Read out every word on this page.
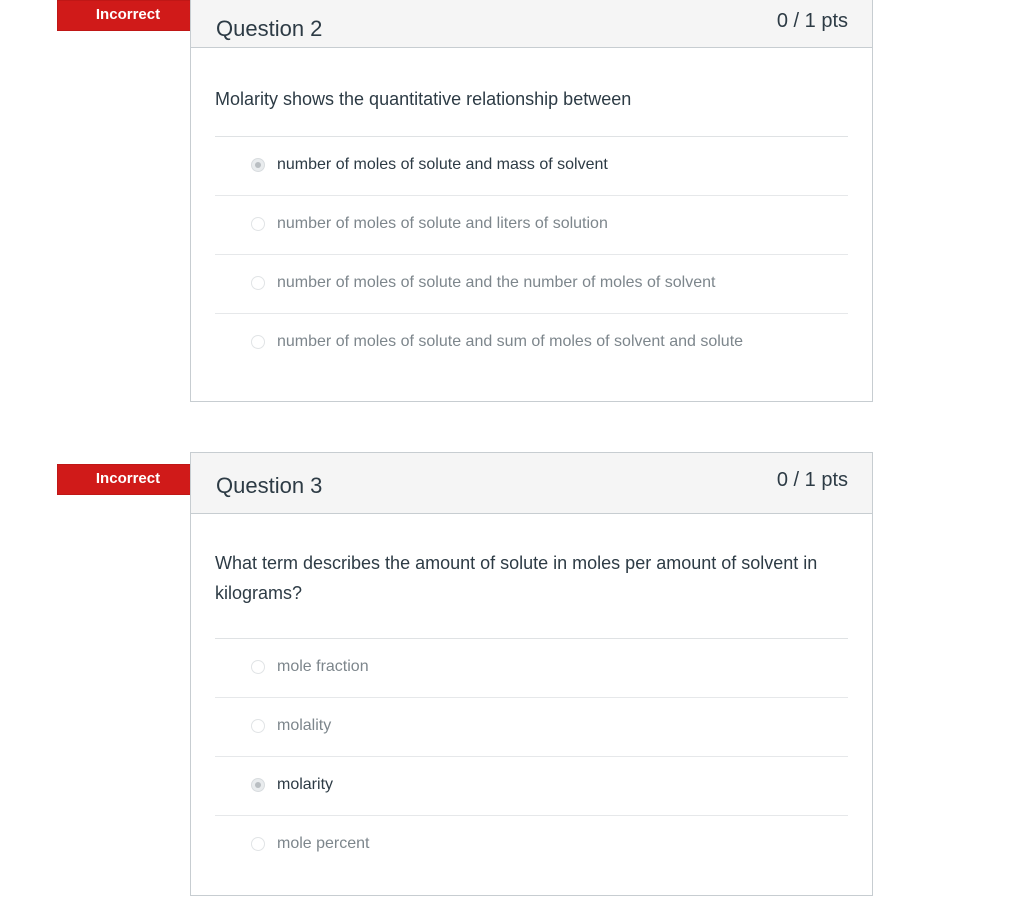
Incorrect
Question 2	0 / 1 pts
Molarity shows the quantitative relationship between
number of moles of solute and mass of solvent
number of moles of solute and liters of solution
number of moles of solute and the number of moles of solvent
number of moles of solute and sum of moles of solvent and solute
Incorrect	Question 3	0 / 1 pts
What term describes the amount of solute in moles per amount of solvent in kilograms?
mole fraction
molality
molarity
mole percent
